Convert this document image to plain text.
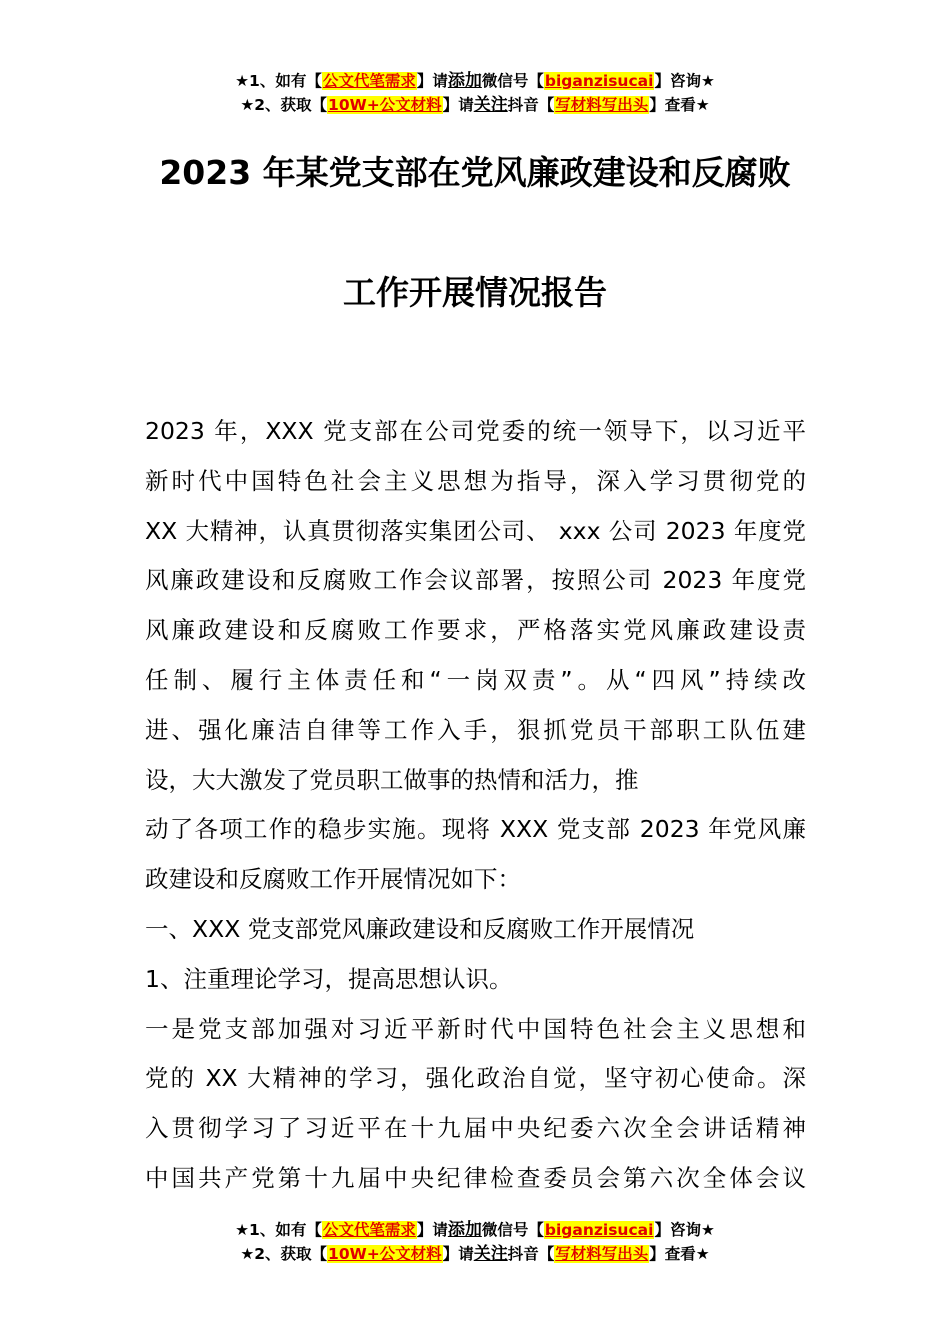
★1、如有【公文代笔需求】请添加微信号【biganzisucai】咨询★
★2、获取【10W+公文材料】请关注抖音【写材料写出头】查看★
2023 年某党支部在党风廉政建设和反腐败
工作开展情况报告
2023 年，XXX 党支部在公司党委的统一领导下，以习近平
新时代中国特色社会主义思想为指导，深入学习贯彻党的
XX 大精神，认真贯彻落实集团公司、 xxx 公司 2023 年度党
风廉政建设和反腐败工作会议部署，按照公司 2023 年度党
风廉政建设和反腐败工作要求，严格落实党风廉政建设责
任制、履行主体责任和“一岗双责”。从“四风”持续改
进、强化廉洁自律等工作入手，狠抓党员干部职工队伍建
设，大大激发了党员职工做事的热情和活力，推
动了各项工作的稳步实施。现将 XXX 党支部 2023 年党风廉
政建设和反腐败工作开展情况如下：
一、XXX 党支部党风廉政建设和反腐败工作开展情况
1、注重理论学习，提高思想认识。
一是党支部加强对习近平新时代中国特色社会主义思想和
党的 XX 大精神的学习，强化政治自觉，坚守初心使命。深
入贯彻学习了习近平在十九届中央纪委六次全会讲话精神
中国共产党第十九届中央纪律检查委员会第六次全体会议
★1、如有【公文代笔需求】请添加微信号【biganzisucai】咨询★
★2、获取【10W+公文材料】请关注抖音【写材料写出头】查看★
